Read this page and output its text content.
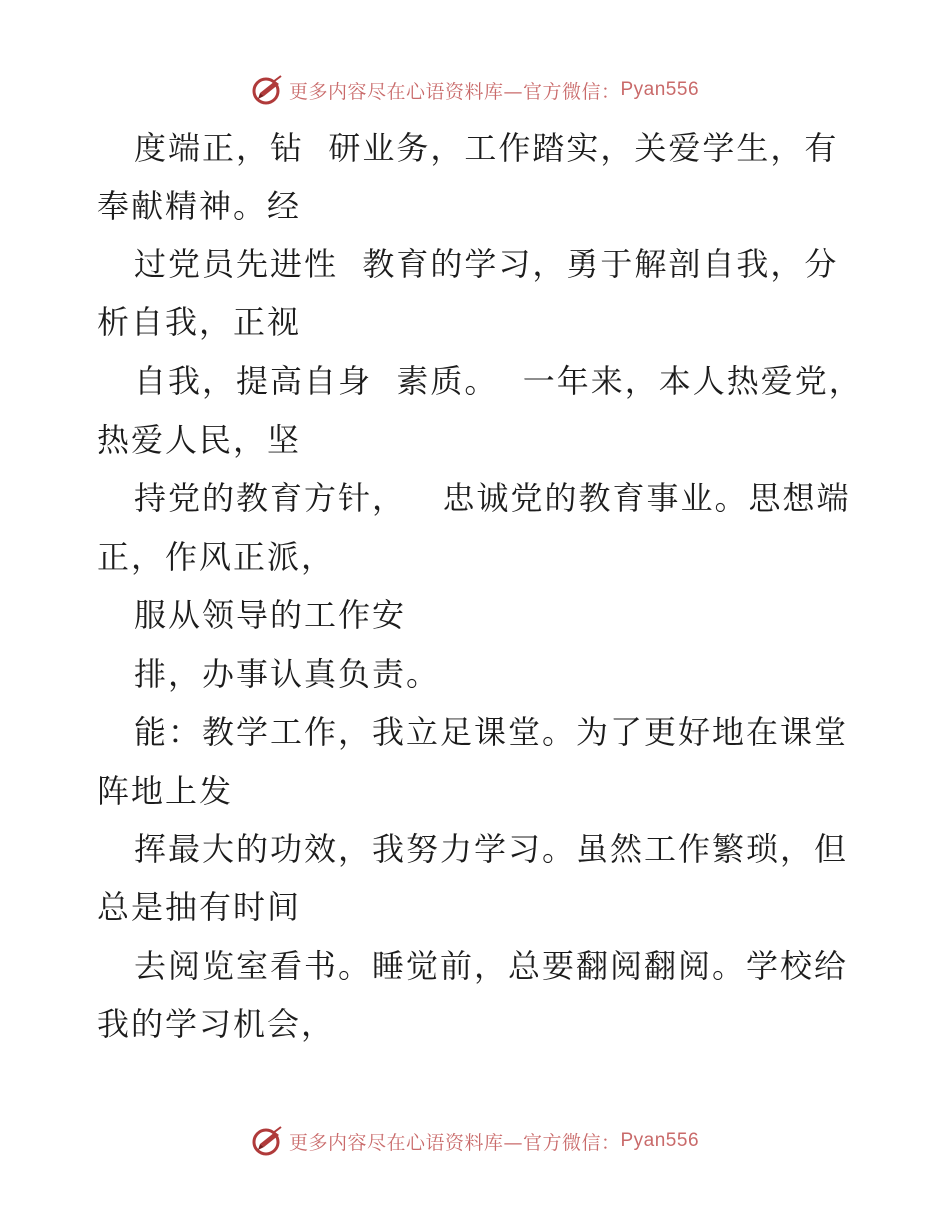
更多内容尽在心语资料库—官方微信： Pyan556
度端正，钻  研业务，工作踏实，关爱学生，有
奉献精神。经
过党员先进性  教育的学习，勇于解剖自我，分
析自我，正视
自我，提高自身  素质。  一年来，本人热爱党，
热爱人民，坚
持党的教育方针，   忠诚党的教育事业。思想端
正，作风正派，
服从领导的工作安
排，办事认真负责。
能：教学工作，我立足课堂。为了更好地在课堂
阵地上发
挥最大的功效，我努力学习。虽然工作繁琐，但
总是抽有时间
去阅览室看书。睡觉前，总要翻阅翻阅。学校给
我的学习机会，
更多内容尽在心语资料库—官方微信： Pyan556
